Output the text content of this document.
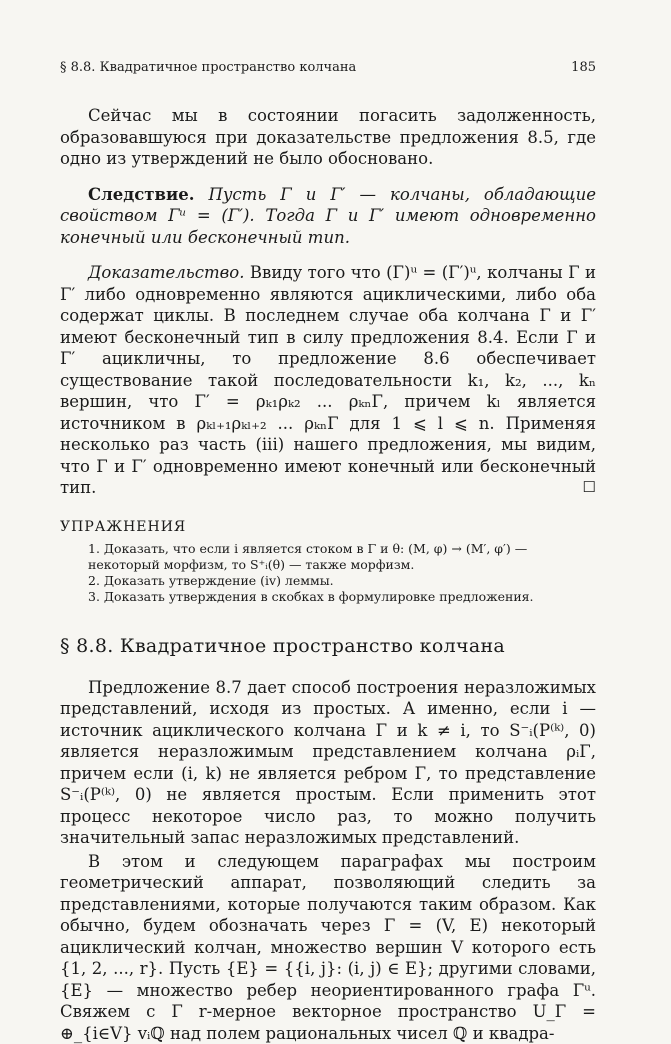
§ 8.8. Квадратичное пространство колчана	185

Сейчас мы в состоянии погасить задолженность, образовавшуюся при доказательстве предложения 8.5, где одно из утверждений не было обосновано.

Следствие. Пусть Γ и Γ′ — колчаны, обладающие свойством Γᵘ = (Γ′). Тогда Γ и Γ′ имеют одновременно конечный или бесконечный тип.

Доказательство. Ввиду того что (Γ)ᵘ = (Γ′)ᵘ, колчаны Γ и Γ′ либо одновременно являются ациклическими, либо оба содержат циклы. В последнем случае оба колчана Γ и Γ′ имеют бесконечный тип в силу предложения 8.4. Если Γ и Γ′ ацикличны, то предложение 8.6 обеспечивает существование такой последовательности k₁, k₂, ..., kₙ вершин, что Γ′ = ρₖ₁ρₖ₂ ... ρₖₙΓ, причем kₗ является источником в ρₖₗ₊₁ρₖₗ₊₂ ... ρₖₙΓ для 1 ⩽ l ⩽ n. Применяя несколько раз часть (iii) нашего предложения, мы видим, что Γ и Γ′ одновременно имеют конечный или бесконечный тип.	☐

УПРАЖНЕНИЯ
1. Доказать, что если i является стоком в Γ и θ: (M, φ) → (M′, φ′) — некоторый морфизм, то S⁺ᵢ(θ) — также морфизм.
2. Доказать утверждение (iv) леммы.
3. Доказать утверждения в скобках в формулировке предложения.
§ 8.8. Квадратичное пространство колчана

Предложение 8.7 дает способ построения неразложимых представлений, исходя из простых. А именно, если i — источник ациклического колчана Γ и k ≠ i, то S⁻ᵢ(P⁽ᵏ⁾, 0) является неразложимым представлением колчана ρᵢΓ, причем если (i, k) не является ребром Γ, то представление S⁻ᵢ(P⁽ᵏ⁾, 0) не является простым. Если применить этот процесс некоторое число раз, то можно получить значительный запас неразложимых представлений.

В этом и следующем параграфах мы построим геометрический аппарат, позволяющий следить за представлениями, которые получаются таким образом. Как обычно, будем обозначать через Γ = (V, E) некоторый ациклический колчан, множество вершин V которого есть {1, 2, ..., r}. Пусть {E} = {{i, j}: (i, j) ∈ E}; другими словами, {E} — множество ребер неориентированного графа Γᵘ. Свяжем с Γ r-мерное векторное пространство U_Γ = ⊕_{i∈V} vᵢℚ над полем рациональных чисел ℚ и квадра-
